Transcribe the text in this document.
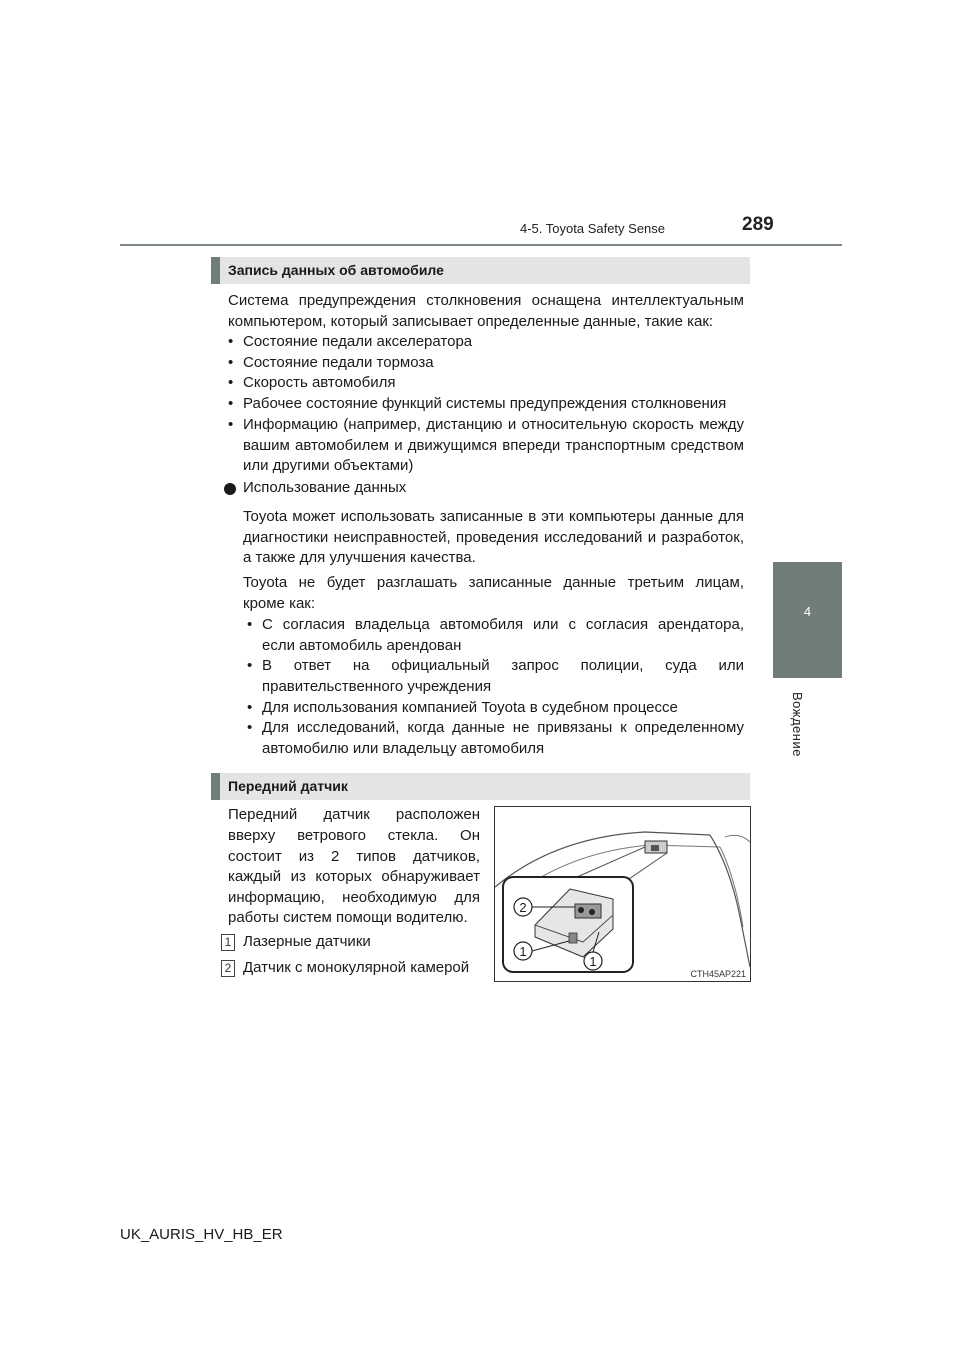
4-5. Toyota Safety Sense	289
4
Вождение
Запись данных об автомобиле
Система предупреждения столкновения оснащена интеллектуальным
компьютером, который записывает определенные данные, такие как:
• Состояние педали акселератора
• Состояние педали тормоза
• Скорость автомобиля
• Рабочее состояние функций системы предупреждения столкновения
• Информацию (например, дистанцию и относительную скорость между
вашим автомобилем и движущимся впереди транспортным средством
или другими объектами)
Использование данных
Toyota может использовать записанные в эти компьютеры данные для
диагностики неисправностей, проведения исследований и разработок,
а также для улучшения качества.
Toyota не будет разглашать записанные данные третьим лицам,
кроме как:
• С согласия владельца автомобиля или с согласия арендатора,
если автомобиль арендован
• В ответ на официальный запрос полиции, суда или
правительственного учреждения
• Для использования компанией Toyota в судебном процессе
• Для исследований, когда данные не привязаны к определенному
автомобилю или владельцу автомобиля
Передний датчик
Передний датчик расположен
вверху ветрового стекла. Он
состоит из 2 типов датчиков,
каждый из которых обнаруживает
информацию, необходимую для
работы систем помощи водителю.
1 Лазерные датчики
2 Датчик с монокулярной камерой
2
1
1
CTH45AP221
UK_AURIS_HV_HB_ER
